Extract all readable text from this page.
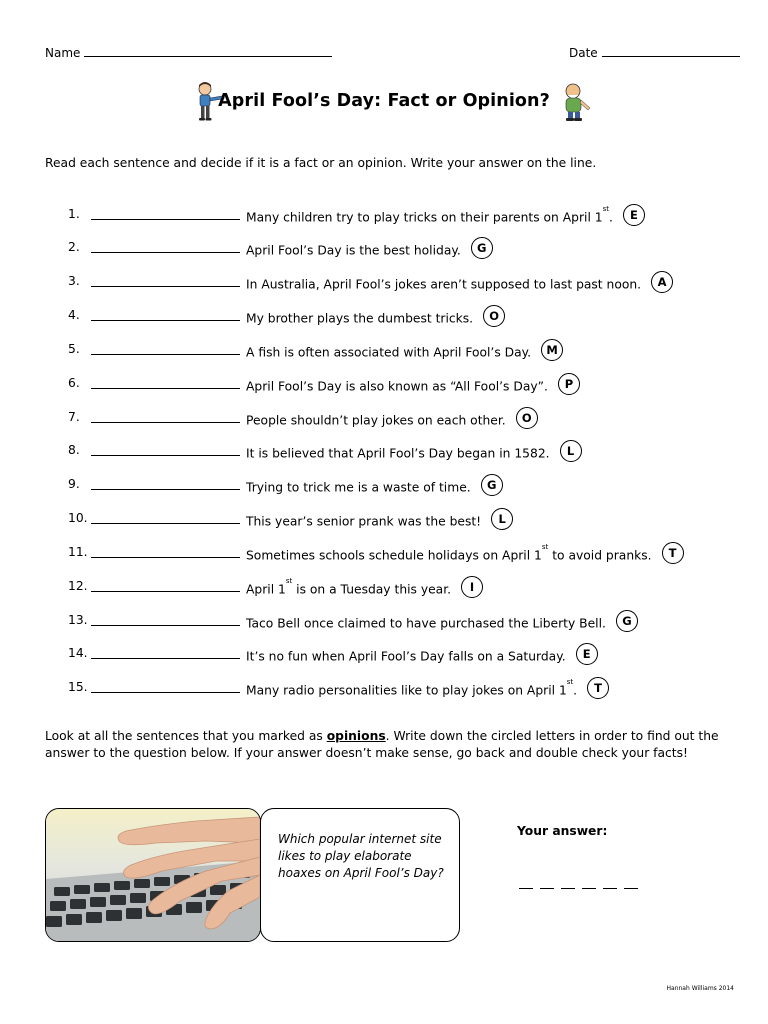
Name	Date
April Fool’s Day: Fact or Opinion?
Read each sentence and decide if it is a fact or an opinion. Write your answer on the line.
1.	Many children try to play tricks on their parents on April 1st. E
2.	April Fool’s Day is the best holiday. G
3.	In Australia, April Fool’s jokes aren’t supposed to last past noon. A
4.	My brother plays the dumbest tricks. O
5.	A fish is often associated with April Fool’s Day. M
6.	April Fool’s Day is also known as “All Fool’s Day”. P
7.	People shouldn’t play jokes on each other. O
8.	It is believed that April Fool’s Day began in 1582. L
9.	Trying to trick me is a waste of time. G
10.	This year’s senior prank was the best! L
11.	Sometimes schools schedule holidays on April 1st to avoid pranks. T
12.	April 1st is on a Tuesday this year. I
13.	Taco Bell once claimed to have purchased the Liberty Bell. G
14.	It’s no fun when April Fool’s Day falls on a Saturday. E
15.	Many radio personalities like to play jokes on April 1st. T
Look at all the sentences that you marked as opinions. Write down the circled letters in order to find out the answer to the question below. If your answer doesn’t make sense, go back and double check your facts!
Which popular internet site likes to play elaborate hoaxes on April Fool’s Day?
Your answer:
Hannah Williams 2014
